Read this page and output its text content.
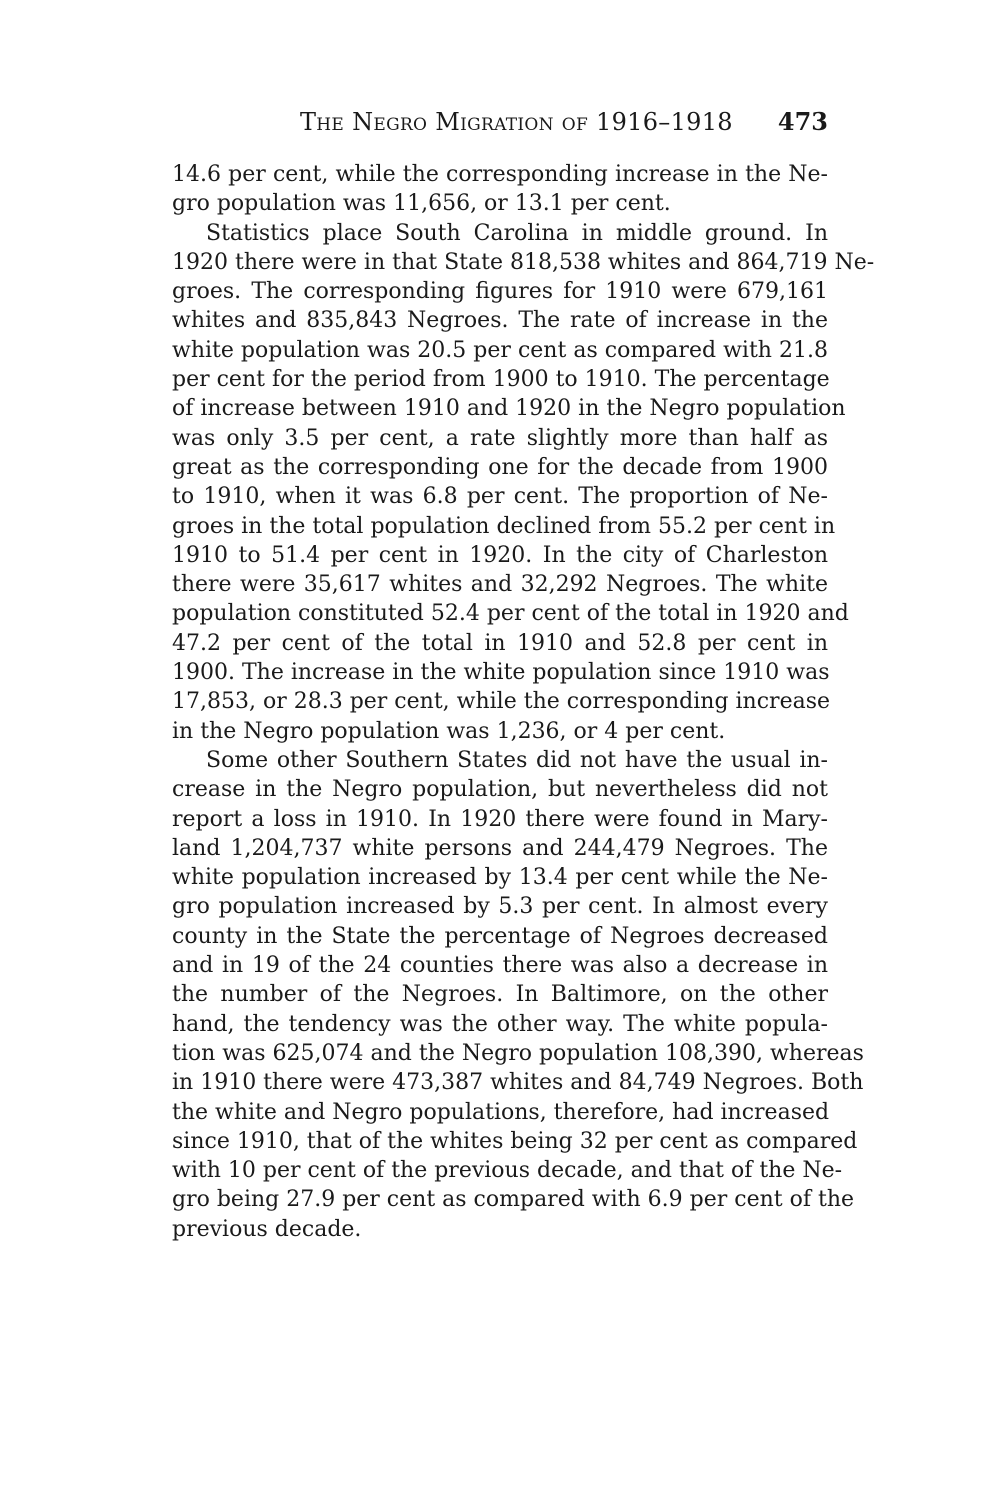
The Negro Migration of 1916–1918 473
14.6 per cent, while the corresponding increase in the Ne-
gro population was 11,656, or 13.1 per cent.
Statistics place South Carolina in middle ground. In
1920 there were in that State 818,538 whites and 864,719 Ne-
groes. The corresponding figures for 1910 were 679,161
whites and 835,843 Negroes. The rate of increase in the
white population was 20.5 per cent as compared with 21.8
per cent for the period from 1900 to 1910. The percentage
of increase between 1910 and 1920 in the Negro population
was only 3.5 per cent, a rate slightly more than half as
great as the corresponding one for the decade from 1900
to 1910, when it was 6.8 per cent. The proportion of Ne-
groes in the total population declined from 55.2 per cent in
1910 to 51.4 per cent in 1920. In the city of Charleston
there were 35,617 whites and 32,292 Negroes. The white
population constituted 52.4 per cent of the total in 1920 and
47.2 per cent of the total in 1910 and 52.8 per cent in
1900. The increase in the white population since 1910 was
17,853, or 28.3 per cent, while the corresponding increase
in the Negro population was 1,236, or 4 per cent.
Some other Southern States did not have the usual in-
crease in the Negro population, but nevertheless did not
report a loss in 1910. In 1920 there were found in Mary-
land 1,204,737 white persons and 244,479 Negroes. The
white population increased by 13.4 per cent while the Ne-
gro population increased by 5.3 per cent. In almost every
county in the State the percentage of Negroes decreased
and in 19 of the 24 counties there was also a decrease in
the number of the Negroes. In Baltimore, on the other
hand, the tendency was the other way. The white popula-
tion was 625,074 and the Negro population 108,390, whereas
in 1910 there were 473,387 whites and 84,749 Negroes. Both
the white and Negro populations, therefore, had increased
since 1910, that of the whites being 32 per cent as compared
with 10 per cent of the previous decade, and that of the Ne-
gro being 27.9 per cent as compared with 6.9 per cent of the
previous decade.
